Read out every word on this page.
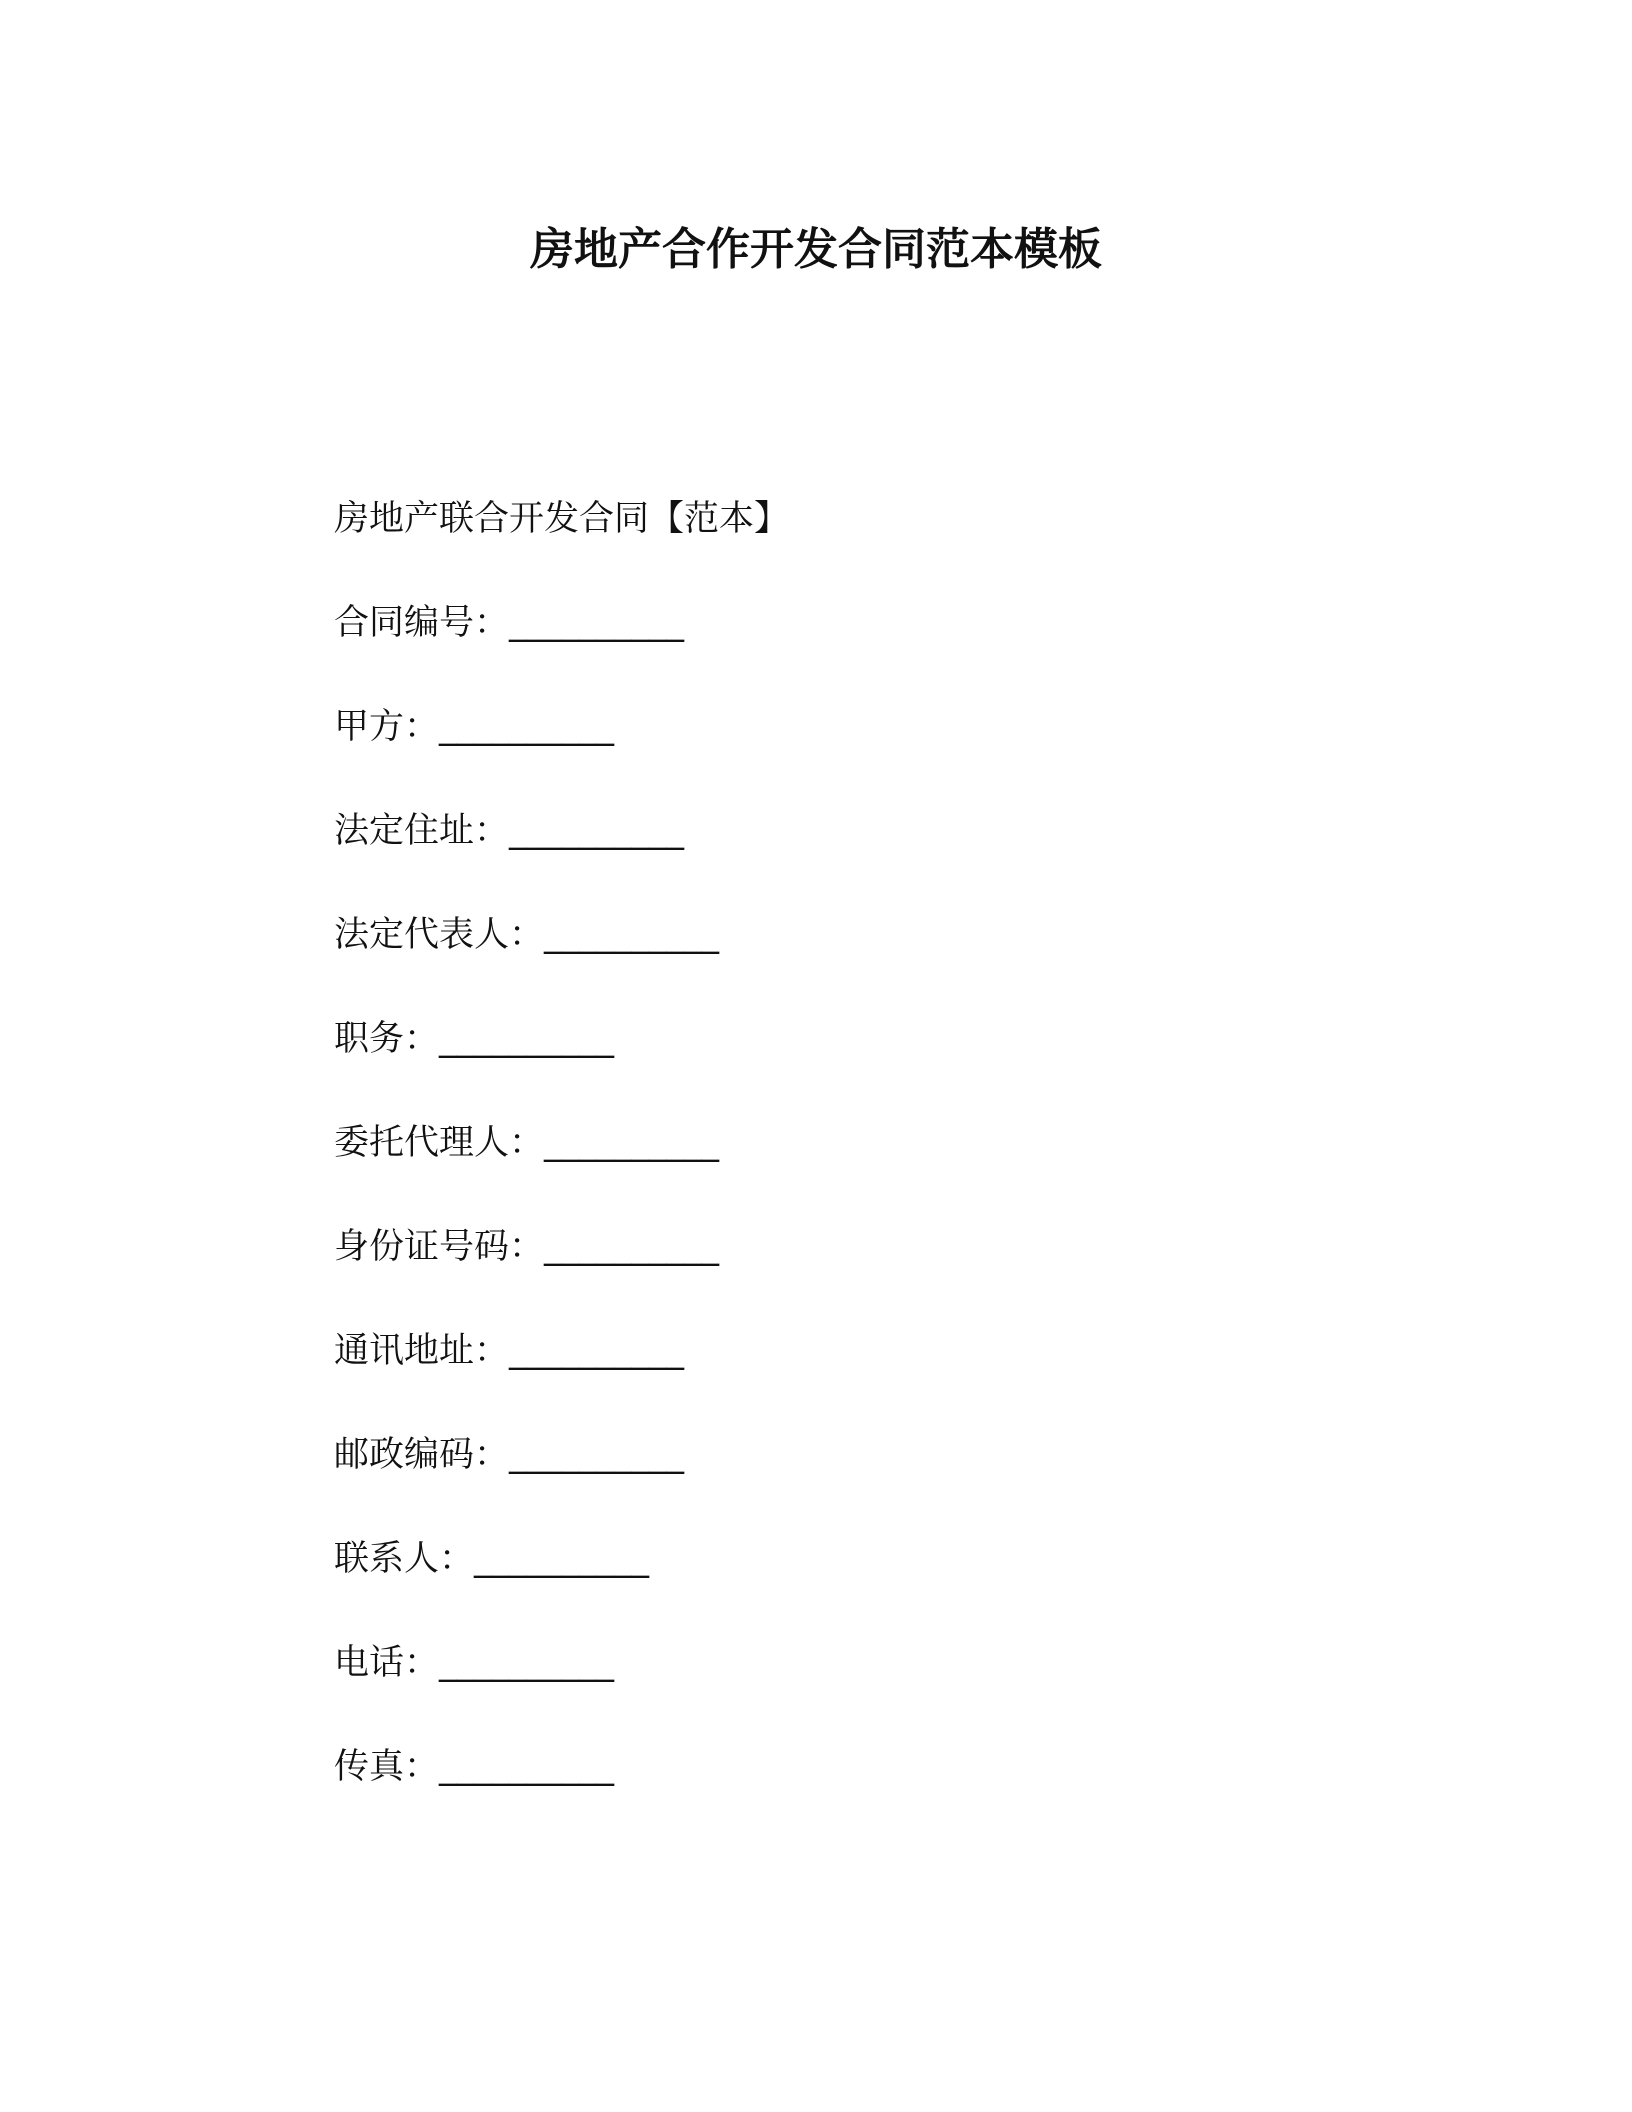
房地产合作开发合同范本模板
房地产联合开发合同【范本】
合同编号：__________
甲方：__________
法定住址：__________
法定代表人：__________
职务：__________
委托代理人：__________
身份证号码：__________
通讯地址：__________
邮政编码：__________
联系人：__________
电话：__________
传真：__________
